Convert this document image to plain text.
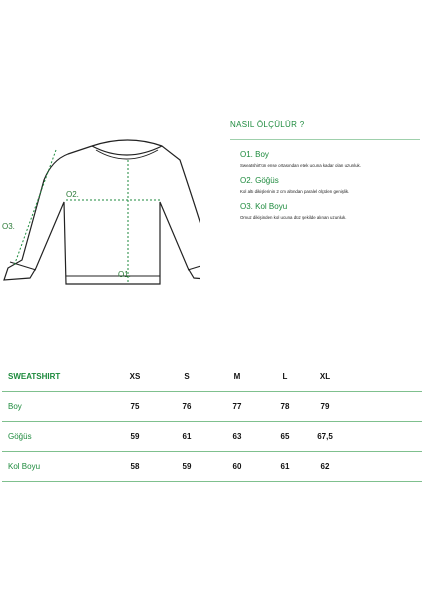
O1.
O2.
O3.
NASIL ÖLÇÜLÜR ?
O1. Boy
Sweatshirt'ün ense ortasından etek ucuna kadar olan uzunluk.
O2. Göğüs
Kol altı dikişlerinin 2 cm altından paralel ölçülen genişlik.
O3. Kol Boyu
Omuz dikişinden kol ucuna düz şekilde alınan uzunluk.
SWEATSHIRT	XS	S	M	L	XL
Boy	75	76	77	78	79
Göğüs	59	61	63	65	67,5
Kol Boyu	58	59	60	61	62
